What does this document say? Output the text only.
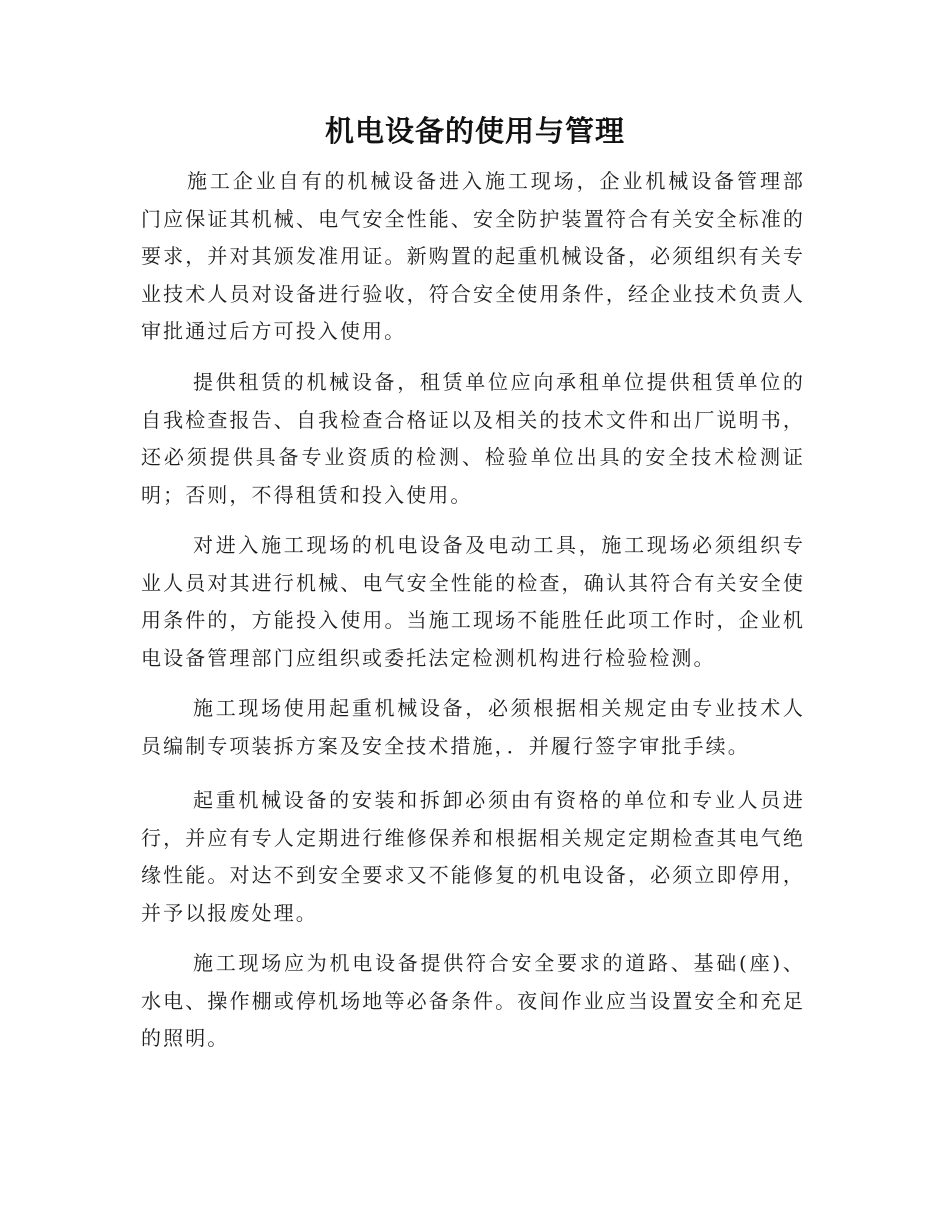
机电设备的使用与管理

施工企业自有的机械设备进入施工现场，企业机械设备管理部门应保证其机械、电气安全性能、安全防护装置符合有关安全标准的要求，并对其颁发准用证。新购置的起重机械设备，必须组织有关专业技术人员对设备进行验收，符合安全使用条件，经企业技术负责人审批通过后方可投入使用。

提供租赁的机械设备，租赁单位应向承租单位提供租赁单位的自我检查报告、自我检查合格证以及相关的技术文件和出厂说明书，还必须提供具备专业资质的检测、检验单位出具的安全技术检测证明；否则，不得租赁和投入使用。

对进入施工现场的机电设备及电动工具，施工现场必须组织专业人员对其进行机械、电气安全性能的检查，确认其符合有关安全使用条件的，方能投入使用。当施工现场不能胜任此项工作时，企业机电设备管理部门应组织或委托法定检测机构进行检验检测。

施工现场使用起重机械设备，必须根据相关规定由专业技术人员编制专项装拆方案及安全技术措施，．并履行签字审批手续。

起重机械设备的安装和拆卸必须由有资格的单位和专业人员进行，并应有专人定期进行维修保养和根据相关规定定期检查其电气绝缘性能。对达不到安全要求又不能修复的机电设备，必须立即停用，并予以报废处理。

施工现场应为机电设备提供符合安全要求的道路、基础(座)、水电、操作棚或停机场地等必备条件。夜间作业应当设置安全和充足的照明。
